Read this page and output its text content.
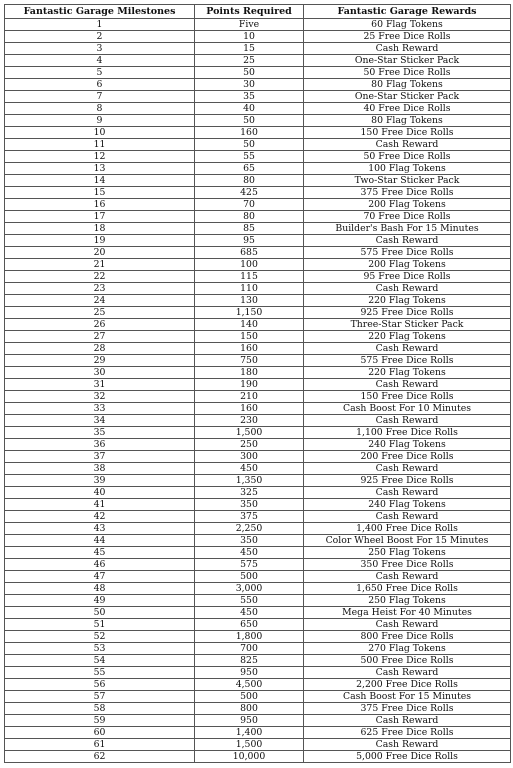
Fantastic Garage Milestones	Points Required	Fantastic Garage Rewards
1	Five	60 Flag Tokens
2	10	25 Free Dice Rolls
3	15	Cash Reward
4	25	One-Star Sticker Pack
5	50	50 Free Dice Rolls
6	30	80 Flag Tokens
7	35	One-Star Sticker Pack
8	40	40 Free Dice Rolls
9	50	80 Flag Tokens
10	160	150 Free Dice Rolls
11	50	Cash Reward
12	55	50 Free Dice Rolls
13	65	100 Flag Tokens
14	80	Two-Star Sticker Pack
15	425	375 Free Dice Rolls
16	70	200 Flag Tokens
17	80	70 Free Dice Rolls
18	85	Builder's Bash For 15 Minutes
19	95	Cash Reward
20	685	575 Free Dice Rolls
21	100	200 Flag Tokens
22	115	95 Free Dice Rolls
23	110	Cash Reward
24	130	220 Flag Tokens
25	1,150	925 Free Dice Rolls
26	140	Three-Star Sticker Pack
27	150	220 Flag Tokens
28	160	Cash Reward
29	750	575 Free Dice Rolls
30	180	220 Flag Tokens
31	190	Cash Reward
32	210	150 Free Dice Rolls
33	160	Cash Boost For 10 Minutes
34	230	Cash Reward
35	1,500	1,100 Free Dice Rolls
36	250	240 Flag Tokens
37	300	200 Free Dice Rolls
38	450	Cash Reward
39	1,350	925 Free Dice Rolls
40	325	Cash Reward
41	350	240 Flag Tokens
42	375	Cash Reward
43	2,250	1,400 Free Dice Rolls
44	350	Color Wheel Boost For 15 Minutes
45	450	250 Flag Tokens
46	575	350 Free Dice Rolls
47	500	Cash Reward
48	3,000	1,650 Free Dice Rolls
49	550	250 Flag Tokens
50	450	Mega Heist For 40 Minutes
51	650	Cash Reward
52	1,800	800 Free Dice Rolls
53	700	270 Flag Tokens
54	825	500 Free Dice Rolls
55	950	Cash Reward
56	4,500	2,200 Free Dice Rolls
57	500	Cash Boost For 15 Minutes
58	800	375 Free Dice Rolls
59	950	Cash Reward
60	1,400	625 Free Dice Rolls
61	1,500	Cash Reward
62	10,000	5,000 Free Dice Rolls
